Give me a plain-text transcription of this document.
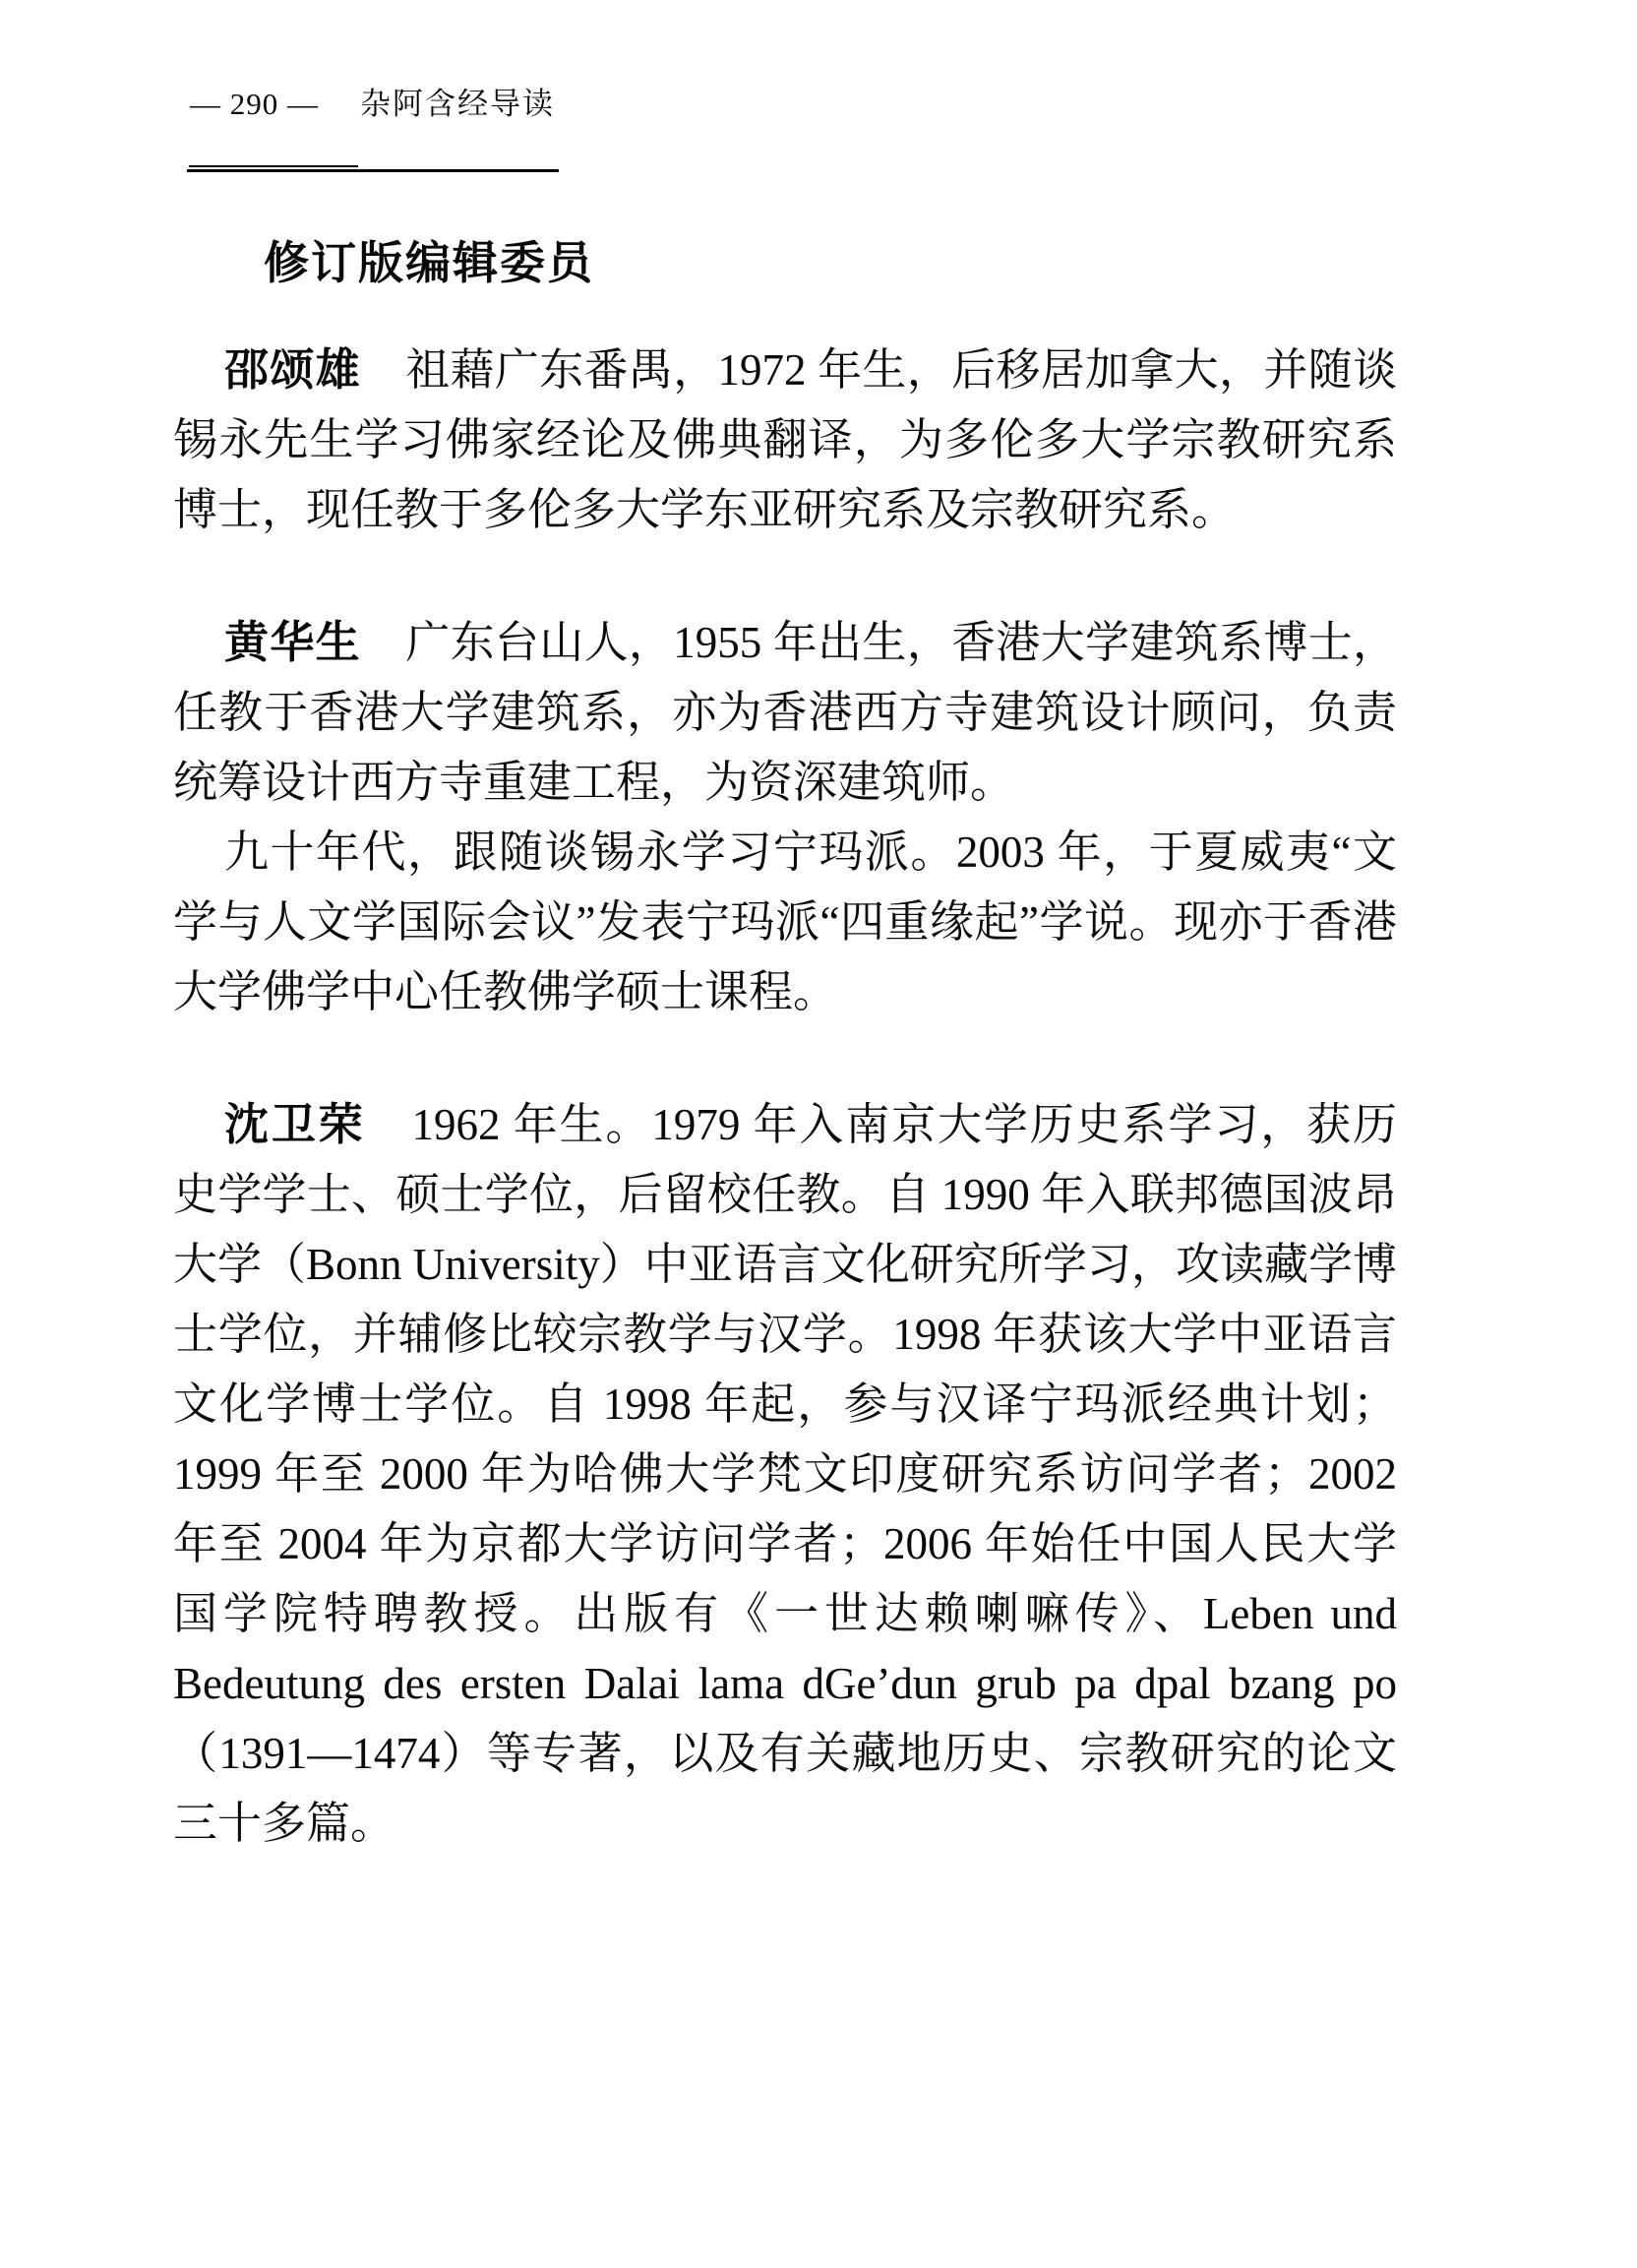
— 290 — 杂阿含经导读
修订版编辑委员

邵颂雄　祖藉广东番禺，1972 年生，后移居加拿大，并随谈锡永先生学习佛家经论及佛典翻译，为多伦多大学宗教研究系博士，现任教于多伦多大学东亚研究系及宗教研究系。

黄华生　广东台山人，1955 年出生，香港大学建筑系博士，任教于香港大学建筑系，亦为香港西方寺建筑设计顾问，负责统筹设计西方寺重建工程，为资深建筑师。

九十年代，跟随谈锡永学习宁玛派。2003 年，于夏威夷“文学与人文学国际会议”发表宁玛派“四重缘起”学说。现亦于香港大学佛学中心任教佛学硕士课程。

沈卫荣　1962 年生。1979 年入南京大学历史系学习，获历史学学士、硕士学位，后留校任教。自 1990 年入联邦德国波昂大学（Bonn University）中亚语言文化研究所学习，攻读藏学博士学位，并辅修比较宗教学与汉学。1998 年获该大学中亚语言文化学博士学位。自 1998 年起，参与汉译宁玛派经典计划；1999 年至 2000 年为哈佛大学梵文印度研究系访问学者；2002 年至 2004 年为京都大学访问学者；2006 年始任中国人民大学国学院特聘教授。出版有《一世达赖喇嘛传》、Leben und Bedeutung des ersten Dalai lama dGe’dun grub pa dpal bzang po（1391—1474）等专著，以及有关藏地历史、宗教研究的论文三十多篇。
